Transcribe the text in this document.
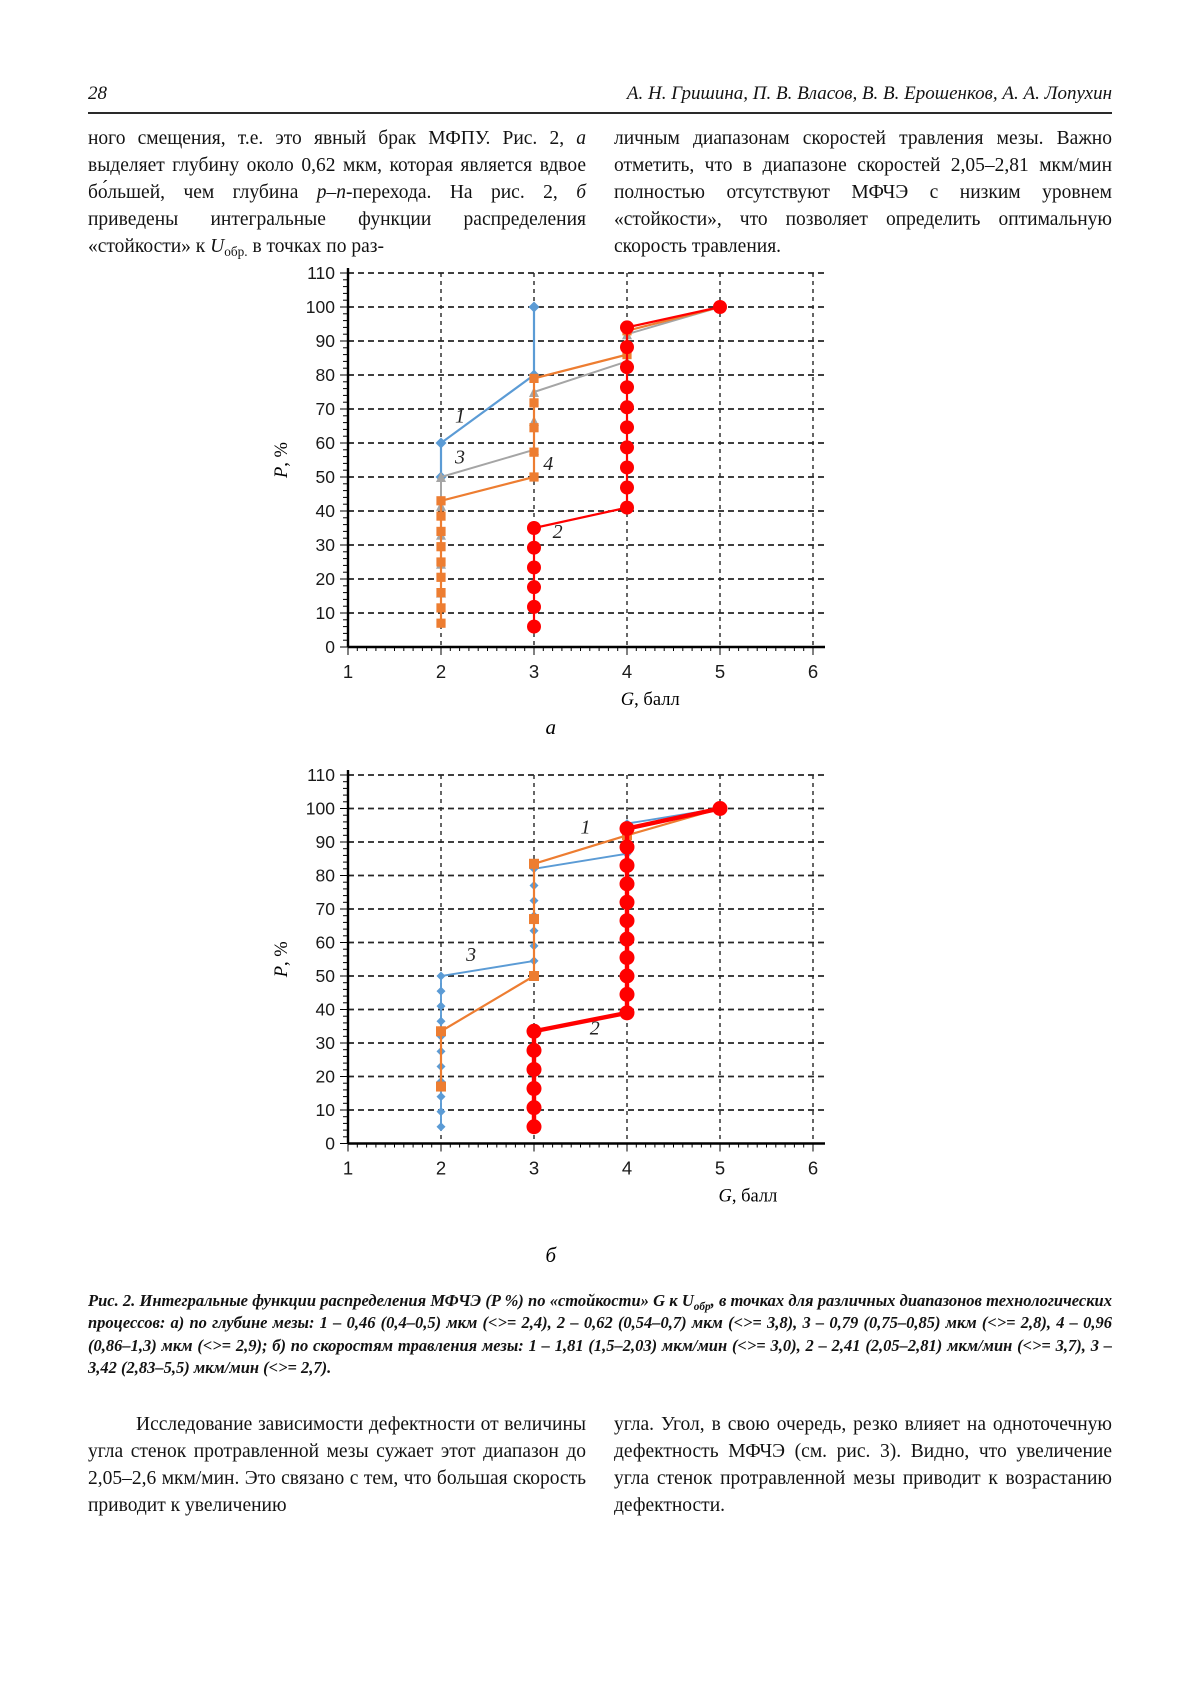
28	А. Н. Гришина, П. В. Власов, В. В. Ерошенков, А. А. Лопухин
ного смещения, т.е. это явный брак МФПУ. Рис. 2, а выделяет глубину около 0,62 мкм, которая является вдвое бо́льшей, чем глубина p–n-перехода. На рис. 2, б приведены интегральные функции распределения «стойкости» к Uобр. в точках по раз-
личным диапазонам скоростей травления мезы. Важно отметить, что в диапазоне скоростей 2,05–2,81 мкм/мин полностью отсутствуют МФЧЭ с низким уровнем «стойкости», что позволяет определить оптимальную скорость травления.
0
10
20
30
40
50
60
70
80
90
100
110
1	2	3	4	5	6
1
3	4
2
G, балл
P, %
а
0
10
20
30
40
50
60
70
80
90
100
110
1	2	3	4	5	6
3
1
2
G, балл
P, %
б

Рис. 2. Интегральные функции распределения МФЧЭ (P %) по «стойкости» G к Uобр, в точках для различных диапазонов технологических процессов: а) по глубине мезы: 1 – 0,46 (0,4–0,5) мкм (<>= 2,4), 2 – 0,62 (0,54–0,7) мкм (<>= 3,8), 3 – 0,79 (0,75–0,85) мкм (<>= 2,8), 4 – 0,96 (0,86–1,3) мкм (<>= 2,9); б) по скоростям травления мезы: 1 – 1,81 (1,5–2,03) мкм/мин (<>= 3,0), 2 – 2,41 (2,05–2,81) мкм/мин (<>= 3,7), 3 – 3,42 (2,83–5,5) мкм/мин (<>= 2,7).

Исследование зависимости дефектности от величины угла стенок протравленной мезы сужает этот диапазон до 2,05–2,6 мкм/мин. Это связано с тем, что большая скорость приводит к увеличению
угла. Угол, в свою очередь, резко влияет на одноточечную дефектность МФЧЭ (см. рис. 3). Видно, что увеличение угла стенок протравленной мезы приводит к возрастанию дефектности.
